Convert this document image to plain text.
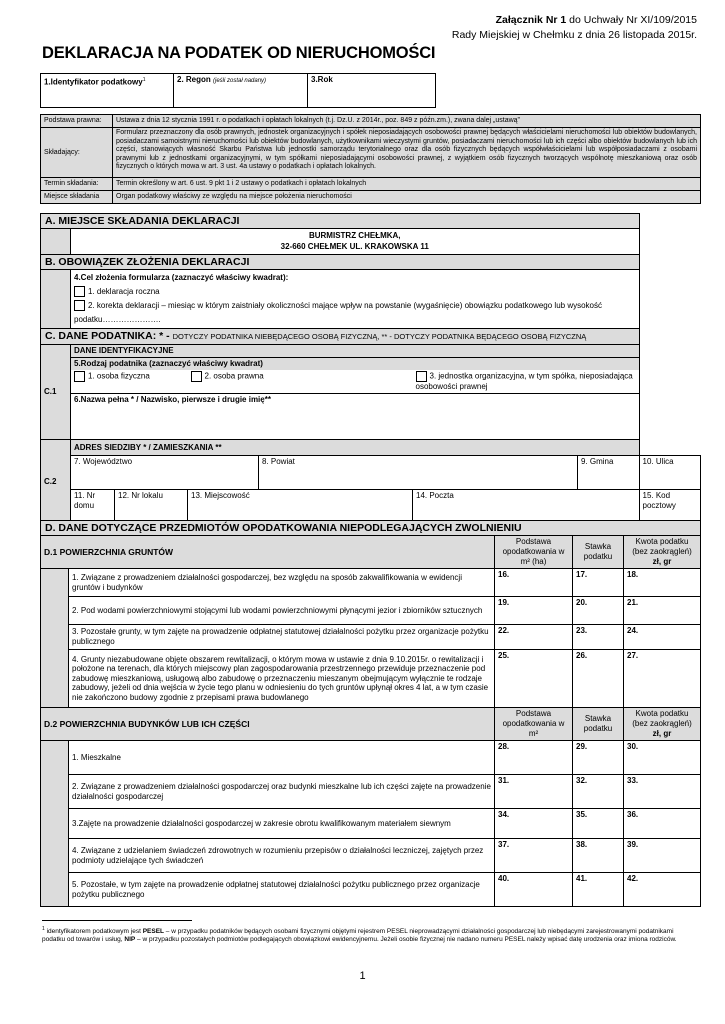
Załącznik Nr 1 do Uchwały Nr XI/109/2015
Rady Miejskiej w Chełmku z dnia 26 listopada 2015r.
DEKLARACJA NA PODATEK OD NIERUCHOMOŚCI
1.Identyfikator podatkowy$^1$	2. Regon (jeśli został nadany)	3.Rok	
Podstawa prawna:	Ustawa z dnia 12 stycznia 1991 r. o podatkach i opłatach lokalnych (t.j. Dz.U. z 2014r., poz. 849 z późn.zm.), zwana dalej „ustawą”
Składający:	Formularz przeznaczony dla osób prawnych, jednostek organizacyjnych i spółek nieposiadających osobowości prawnej będących właścicielami nieruchomości lub obiektów budowlanych, posiadaczami samoistnymi nieruchomości lub obiektów budowlanych, użytkownikami wieczystymi gruntów, posiadaczami nieruchomości lub ich części albo obiektów budowlanych lub ich części, stanowiących własność Skarbu Państwa lub jednostki samorządu terytorialnego oraz dla osób fizycznych będących współwłaścicielami lub współposiadaczami z osobami prawnymi lub z jednostkami organizacyjnymi, w tym spółkami nieposiadającymi osobowości prawnej, z wyjątkiem osób fizycznych tworzących wspólnotę mieszkaniową oraz osób fizycznych o których mowa w art. 3 ust. 4a ustawy o podatkach i opłatach lokalnych.
Termin składania:	Termin określony w art. 6 ust. 9 pkt 1 i 2 ustawy o podatkach i opłatach lokalnych
Miejsce składania	Organ podatkowy właściwy ze względu na miejsce położenia nieruchomości
A. MIEJSCE SKŁADANIA DEKLARACJI							

	BURMISTRZ CHEŁMKA,
32-660 CHEŁMEK UL. KRAKOWSKA 11						

B. OBOWIĄZEK ZŁOŻENIA DEKLARACJI							

	4.Cel złożenia formularza (zaznaczyć właściwy kwadrat):
1. deklaracja roczna
2. korekta deklaracji – miesiąc w którym zaistniały okoliczności mające wpływ na powstanie (wygaśnięcie) obowiązku podatkowego lub wysokość podatku………………….						

C. DANE PODATNIKA: * - DOTYCZY PODATNIKA NIEBĘDĄCEGO OSOBĄ FIZYCZNĄ, ** - DOTYCZY PODATNIKA BĘDĄCEGO OSOBĄ FIZYCZNĄ							
C.1	DANE IDENTYFIKACYJNE						
	5.Rodzaj podatnika (zaznaczyć właściwy kwadrat)						
	1. osoba fizyczna		2. osoba prawna		3. jednostka organizacyjna, w tym spółka, nieposiadająca osobowości prawnej		
	6.Nazwa pełna * / Nazwisko, pierwsze i drugie imię**						
C.2	ADRES SIEDZIBY * / ZAMIESZKANIA **						
	7. Województwo			8. Powiat		9. Gmina	10. Ulica
	11. Nr domu	12. Nr lokalu	13. Miejscowość		14. Poczta		15. Kod pocztowy

D. DANE DOTYCZĄCE PRZEDMIOTÓW OPODATKOWANIA NIEPODLEGAJĄCYCH ZWOLNIENIU				
D.1 POWIERZCHNIA GRUNTÓW		Podstawa opodatkowania w m² (ha)	Stawka podatku	Kwota podatku (bez zaokrągleń)
zł, gr

	1. Związane z prowadzeniem działalności gospodarczej, bez względu na sposób zakwalifikowania w ewidencji gruntów i budynków	16.	17.	18.
	2. Pod wodami powierzchniowymi stojącymi lub wodami powierzchniowymi płynącymi jezior i zbiorników sztucznych	19.	20.	21.
	3. Pozostałe grunty, w tym zajęte na prowadzenie odpłatnej statutowej działalności pożytku przez organizacje pożytku publicznego	22.	23.	24.
	4. Grunty niezabudowane objęte obszarem rewitalizacji, o którym mowa w ustawie z dnia 9.10.2015r. o rewitalizacji i położone na terenach, dla których miejscowy plan zagospodarowania przestrzennego przewiduje przeznaczenie pod zabudowę mieszkaniową, usługową albo zabudowę o przeznaczeniu mieszanym obejmującym wyłącznie te rodzaje zabudowy, jeżeli od dnia wejścia w życie tego planu w odniesieniu do tych gruntów upłynął okres 4 lat, a w tym czasie nie zakończono budowy zgodnie z przepisami prawa budowlanego	25.	26.	27.
D.2 POWIERZCHNIA BUDYNKÓW LUB ICH CZĘŚCI		Podstawa opodatkowania w m²	Stawka podatku	Kwota podatku (bez zaokrągleń)
zł, gr

	1. Mieszkalne	28.	29.	30.
	2. Związane z prowadzeniem działalności gospodarczej oraz budynki mieszkalne lub ich części zajęte na prowadzenie działalności gospodarczej	31.	32.	33.
	3.Zajęte na prowadzenie działalności gospodarczej w zakresie obrotu kwalifikowanym materiałem siewnym	34.	35.	36.
	4. Związane z udzielaniem świadczeń zdrowotnych w rozumieniu przepisów o działalności leczniczej, zajętych przez podmioty udzielające tych świadczeń	37.	38.	39.
	5. Pozostałe, w tym zajęte na prowadzenie odpłatnej statutowej działalności pożytku publicznego przez organizacje pożytku publicznego	40.	41.	42.
$^1$ identyfikatorem podatkowym jest PESEL – w przypadku podatników będących osobami fizycznymi objętymi rejestrem PESEL nieprowadzącymi działalności gospodarczej lub niebędącymi zarejestrowanymi podatnikami podatku od towarów i usług, NIP – w przypadku pozostałych podmiotów podlegających obowiązkowi ewidencyjnemu. Jeżeli osobie fizycznej nie nadano numeru PESEL należy wpisać datę urodzenia oraz imiona rodziców.
1
